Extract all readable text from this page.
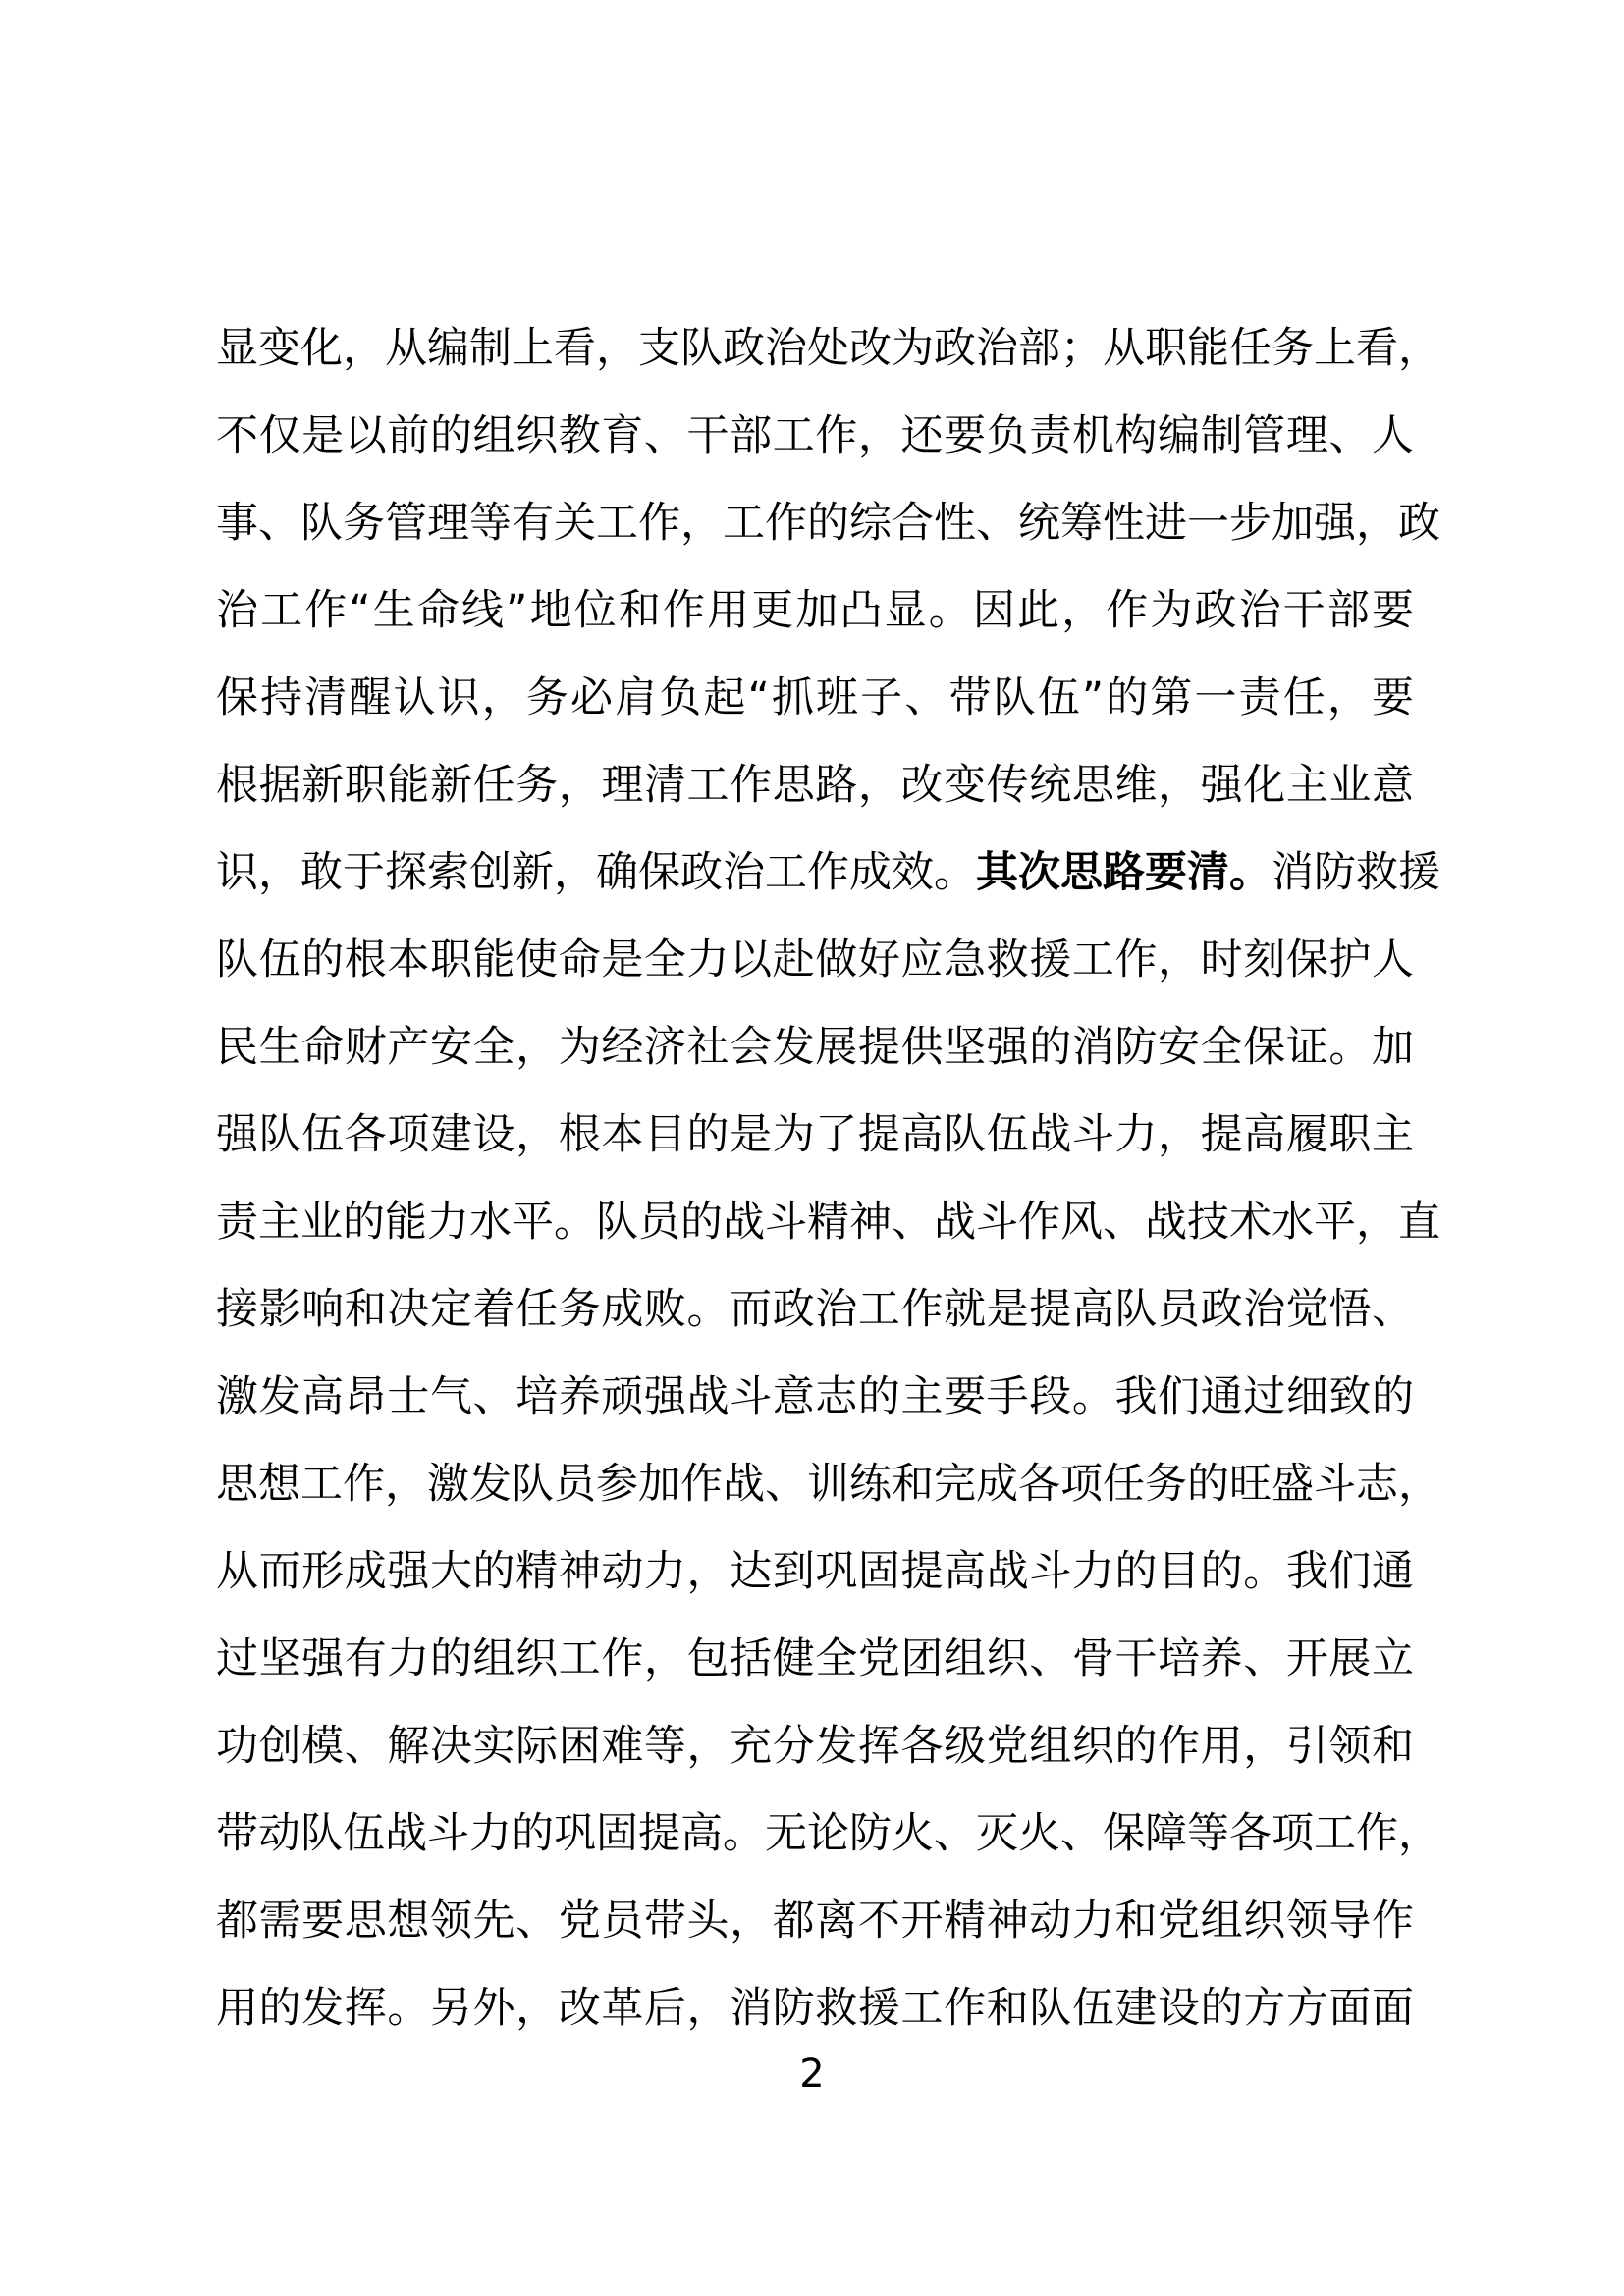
显变化，从编制上看，支队政治处改为政治部；从职能任务上看，
不仅是以前的组织教育、干部工作，还要负责机构编制管理、人
事、队务管理等有关工作，工作的综合性、统筹性进一步加强，政
治工作“生命线”地位和作用更加凸显。因此，作为政治干部要
保持清醒认识，务必肩负起“抓班子、带队伍”的第一责任，要
根据新职能新任务，理清工作思路，改变传统思维，强化主业意
识，敢于探索创新，确保政治工作成效。其次思路要清。消防救援
队伍的根本职能使命是全力以赴做好应急救援工作，时刻保护人
民生命财产安全，为经济社会发展提供坚强的消防安全保证。加
强队伍各项建设，根本目的是为了提高队伍战斗力，提高履职主
责主业的能力水平。队员的战斗精神、战斗作风、战技术水平，直
接影响和决定着任务成败。而政治工作就是提高队员政治觉悟、
激发高昂士气、培养顽强战斗意志的主要手段。我们通过细致的
思想工作，激发队员参加作战、训练和完成各项任务的旺盛斗志，
从而形成强大的精神动力，达到巩固提高战斗力的目的。我们通
过坚强有力的组织工作，包括健全党团组织、骨干培养、开展立
功创模、解决实际困难等，充分发挥各级党组织的作用，引领和
带动队伍战斗力的巩固提高。无论防火、灭火、保障等各项工作，
都需要思想领先、党员带头，都离不开精神动力和党组织领导作
用的发挥。另外，改革后，消防救援工作和队伍建设的方方面面
2
